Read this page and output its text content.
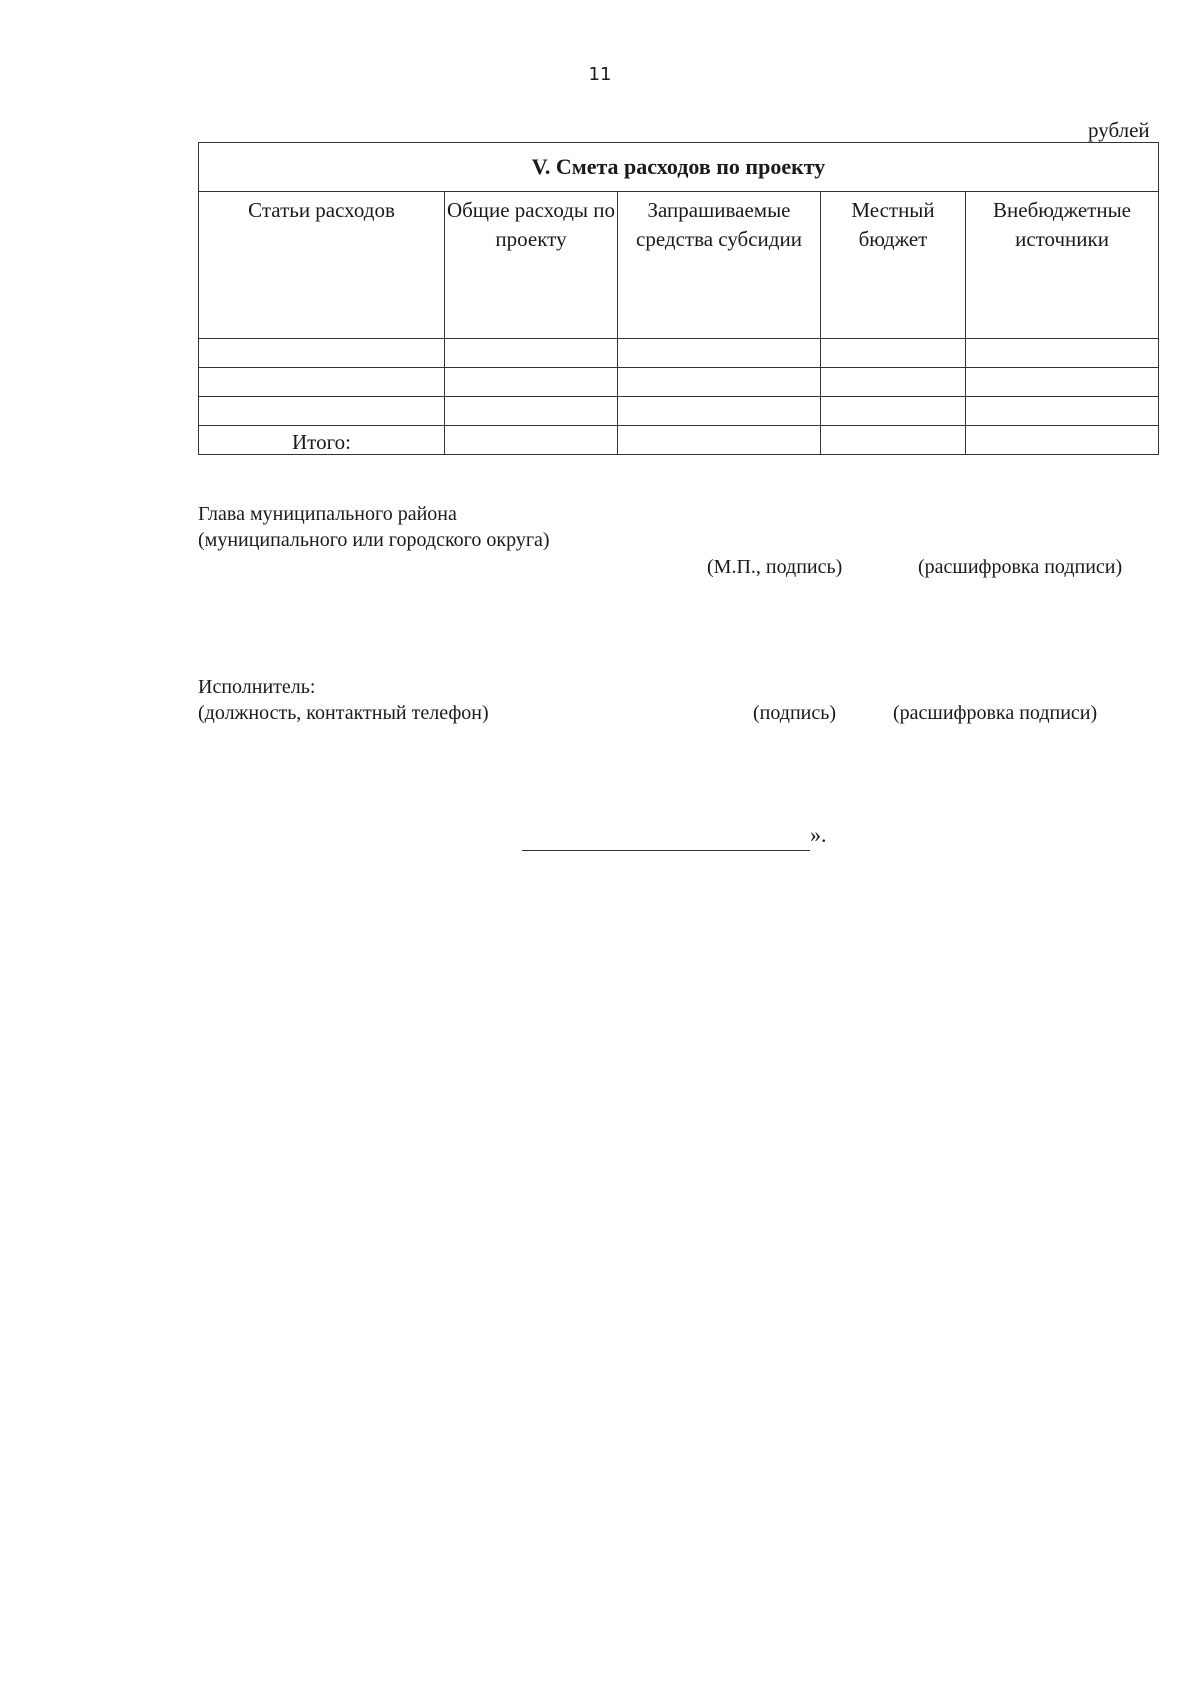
11
рублей
V. Смета расходов по проекту				
Статьи расходов	Общие расходы по проекту	Запрашиваемые средства субсидии	Местный бюджет	Внебюджетные источники

Итого:				
Глава муниципального района
(муниципального или городского округа)
(М.П., подпись)	(расшифровка подписи)
Исполнитель:
(должность, контактный телефон)	(подпись)	(расшифровка подписи)
».
